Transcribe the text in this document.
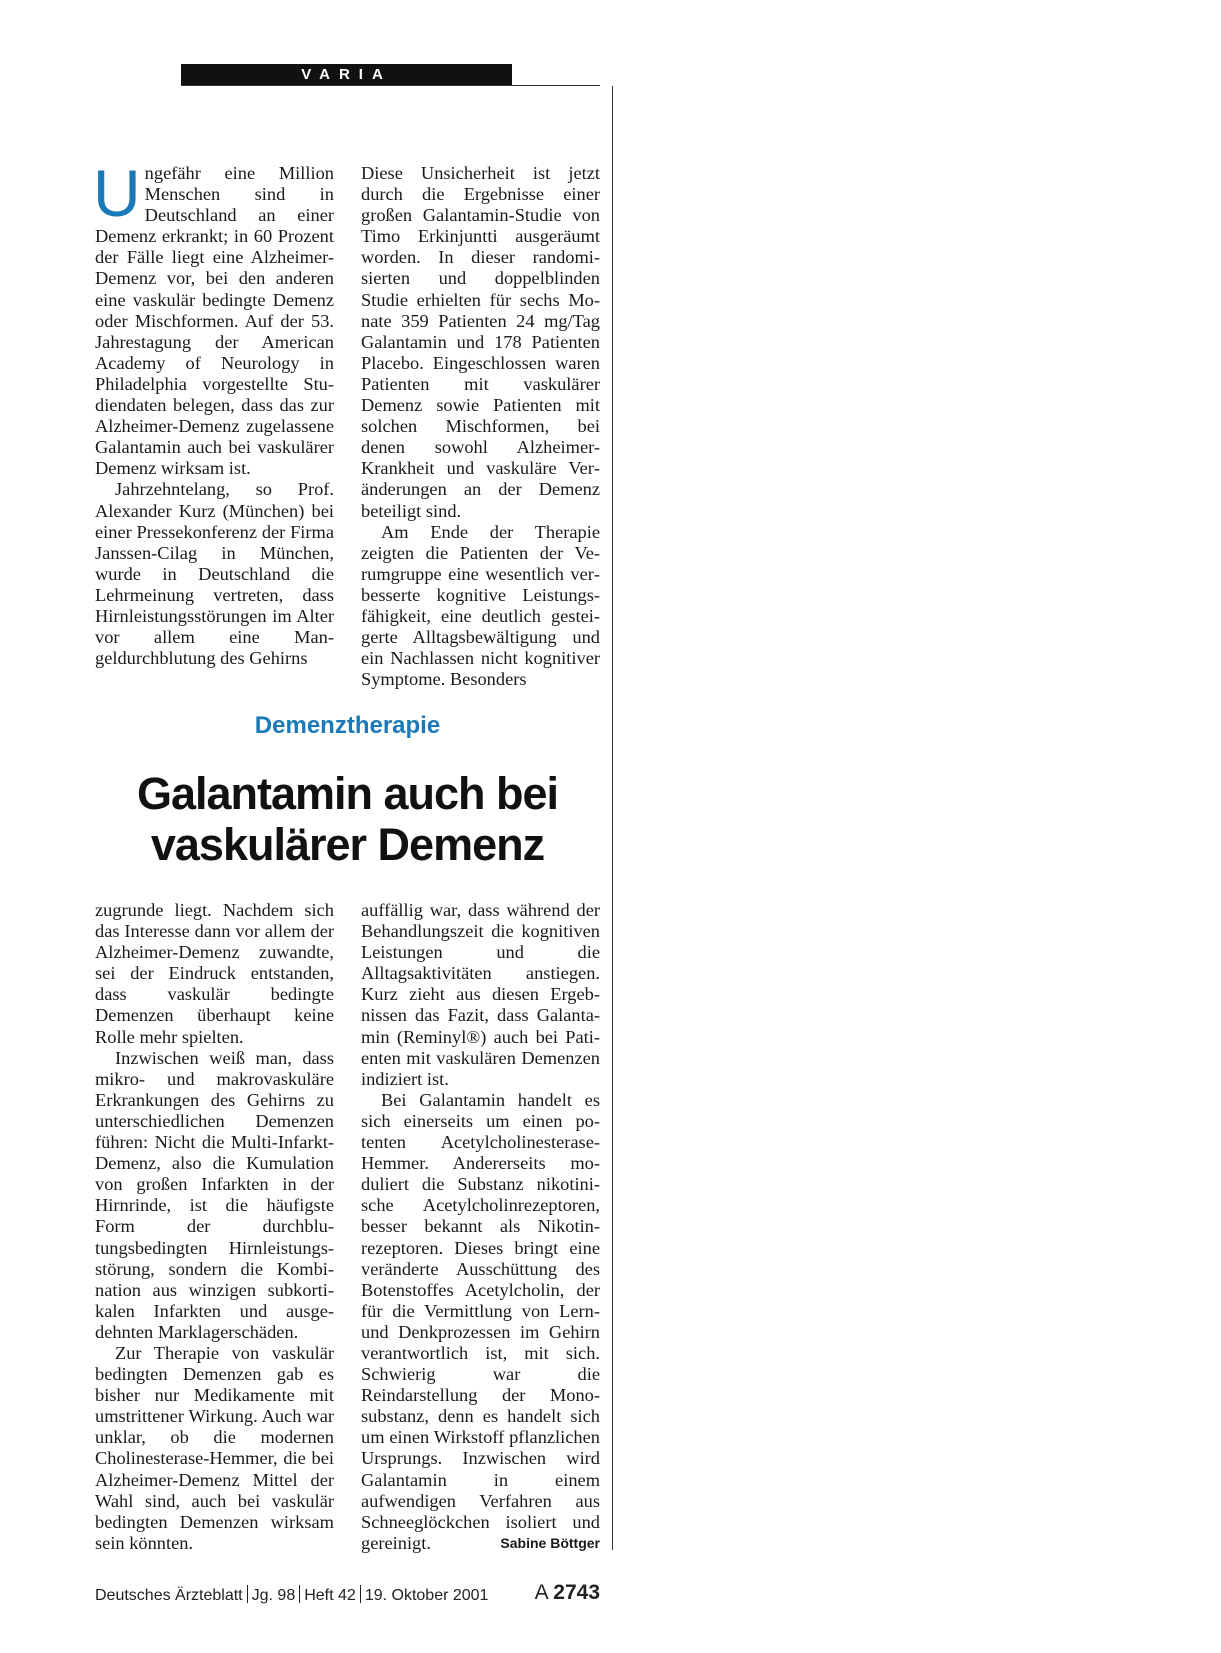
VARIA

Ungefähr eine Million Menschen sind in Deutschland an einer Demenz erkrankt; in 60 Prozent der Fälle liegt eine Alzheimer-Demenz vor, bei den anderen eine vaskulär bedingte Demenz oder Mischformen. Auf der 53. Jahrestagung der American Academy of Neurology in Philadelphia vorgestellte Studiendaten belegen, dass das zur Alzheimer-Demenz zugelassene Galantamin auch bei vaskulärer Demenz wirksam ist.

Jahrzehntelang, so Prof. Alexander Kurz (München) bei einer Pressekonferenz der Firma Janssen-Cilag in München, wurde in Deutschland die Lehrmeinung vertreten, dass Hirnleistungsstörungen im Alter vor allem eine Mangeldurchblutung des Gehirns

Diese Unsicherheit ist jetzt durch die Ergebnisse einer großen Galantamin-Studie von Timo Erkinjuntti ausgeräumt worden. In dieser randomisierten und doppelblinden Studie erhielten für sechs Monate 359 Patienten 24 mg/Tag Galantamin und 178 Patienten Placebo. Eingeschlossen waren Patienten mit vaskulärer Demenz sowie Patienten mit solchen Mischformen, bei denen sowohl Alzheimer-Krankheit und vaskuläre Veränderungen an der Demenz beteiligt sind.

Am Ende der Therapie zeigten die Patienten der Verumgruppe eine wesentlich verbesserte kognitive Leistungsfähigkeit, eine deutlich gesteigerte Alltagsbewältigung und ein Nachlassen nicht kognitiver Symptome. Besonders

Demenztherapie
Galantamin auch bei vaskulärer Demenz

zugrunde liegt. Nachdem sich das Interesse dann vor allem der Alzheimer-Demenz zuwandte, sei der Eindruck entstanden, dass vaskulär bedingte Demenzen überhaupt keine Rolle mehr spielten.

Inzwischen weiß man, dass mikro- und makrovaskuläre Erkrankungen des Gehirns zu unterschiedlichen Demenzen führen: Nicht die Multi-Infarkt-Demenz, also die Kumulation von großen Infarkten in der Hirnrinde, ist die häufigste Form der durchblutungsbedingten Hirnleistungsstörung, sondern die Kombination aus winzigen subkortikalen Infarkten und ausgedehnten Marklagerschäden.

Zur Therapie von vaskulär bedingten Demenzen gab es bisher nur Medikamente mit umstrittener Wirkung. Auch war unklar, ob die modernen Cholinesterase-Hemmer, die bei Alzheimer-Demenz Mittel der Wahl sind, auch bei vaskulär bedingten Demenzen wirksam sein könnten.

auffällig war, dass während der Behandlungszeit die kognitiven Leistungen und die Alltagsaktivitäten anstiegen. Kurz zieht aus diesen Ergebnissen das Fazit, dass Galantamin (Reminyl®) auch bei Patienten mit vaskulären Demenzen indiziert ist.

Bei Galantamin handelt es sich einerseits um einen potenten Acetylcholinesterase-Hemmer. Andererseits moduliert die Substanz nikotinische Acetylcholinrezeptoren, besser bekannt als Nikotinrezeptoren. Dieses bringt eine veränderte Ausschüttung des Botenstoffes Acetylcholin, der für die Vermittlung von Lern- und Denkprozessen im Gehirn verantwortlich ist, mit sich. Schwierig war die Reindarstellung der Monosubstanz, denn es handelt sich um einen Wirkstoff pflanzlichen Ursprungs. Inzwischen wird Galantamin in einem aufwendigen Verfahren aus Schneeglöckchen isoliert und gereinigt.	Sabine Böttger

Deutsches Ärzteblatt Jg. 98 Heft 42 19. Oktober 2001 A 2743
